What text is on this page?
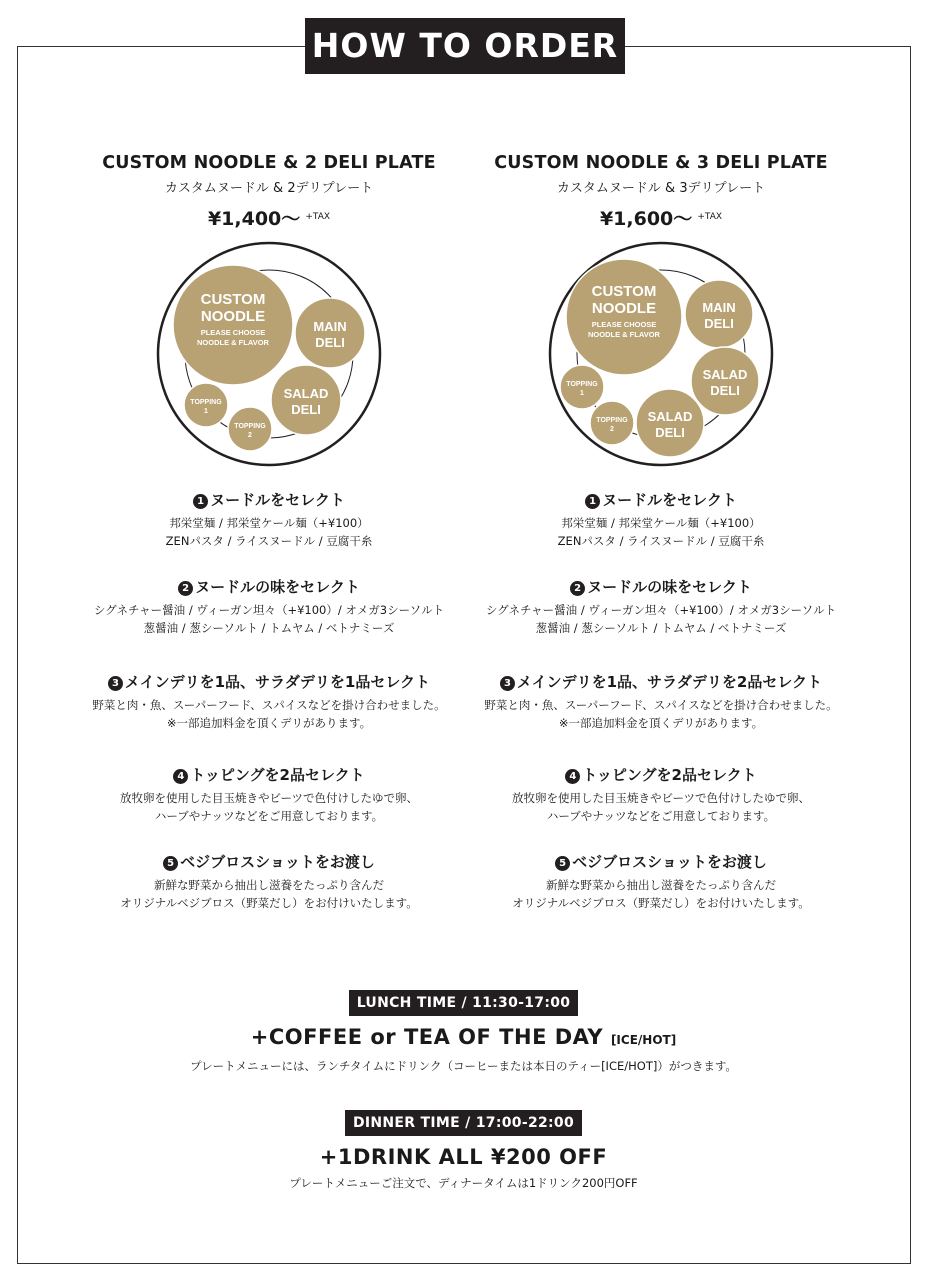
HOW TO ORDER
CUSTOM NOODLE & 2 DELI PLATE
カスタムヌードル & 2デリプレート
¥1,400〜 $^{+TAX}$
CUSTOM
NOODLE
PLEASE CHOOSE
NOODLE & FLAVOR
MAIN
DELI
SALAD
DELI
TOPPING
1
TOPPING
2
1 ヌードルをセレクト
邦栄堂麺 / 邦栄堂ケール麺（+¥100）
ZENパスタ / ライスヌードル / 豆腐干糸
2 ヌードルの味をセレクト
シグネチャー醤油 / ヴィーガン坦々（+¥100）/ オメガ3シーソルト
葱醤油 / 葱シーソルト / トムヤム / ベトナミーズ
3 メインデリを1品、サラダデリを1品セレクト
野菜と肉・魚、スーパーフード、スパイスなどを掛け合わせました。
※一部追加料金を頂くデリがあります。
4 トッピングを2品セレクト
放牧卵を使用した目玉焼きやビーツで色付けしたゆで卵、
ハーブやナッツなどをご用意しております。
5 ベジブロスショットをお渡し
新鮮な野菜から抽出し滋養をたっぷり含んだ
オリジナルベジブロス（野菜だし）をお付けいたします。
CUSTOM NOODLE & 3 DELI PLATE
カスタムヌードル & 3デリプレート
¥1,600〜 $^{+TAX}$
CUSTOM
NOODLE
PLEASE CHOOSE
NOODLE & FLAVOR
MAIN
DELI
SALAD
DELI
SALAD
DELI
TOPPING
1
TOPPING
2
1 ヌードルをセレクト
邦栄堂麺 / 邦栄堂ケール麺（+¥100）
ZENパスタ / ライスヌードル / 豆腐干糸
2 ヌードルの味をセレクト
シグネチャー醤油 / ヴィーガン坦々（+¥100）/ オメガ3シーソルト
葱醤油 / 葱シーソルト / トムヤム / ベトナミーズ
3 メインデリを1品、サラダデリを2品セレクト
野菜と肉・魚、スーパーフード、スパイスなどを掛け合わせました。
※一部追加料金を頂くデリがあります。
4 トッピングを2品セレクト
放牧卵を使用した目玉焼きやビーツで色付けしたゆで卵、
ハーブやナッツなどをご用意しております。
5 ベジブロスショットをお渡し
新鮮な野菜から抽出し滋養をたっぷり含んだ
オリジナルベジブロス（野菜だし）をお付けいたします。
LUNCH TIME / 11:30-17:00
+COFFEE or TEA OF THE DAY [ICE/HOT]
プレートメニューには、ランチタイムにドリンク（コーヒーまたは本日のティー[ICE/HOT]）がつきます。
DINNER TIME / 17:00-22:00
+1DRINK ALL ¥200 OFF
プレートメニューご注文で、ディナータイムは1ドリンク200円OFF
